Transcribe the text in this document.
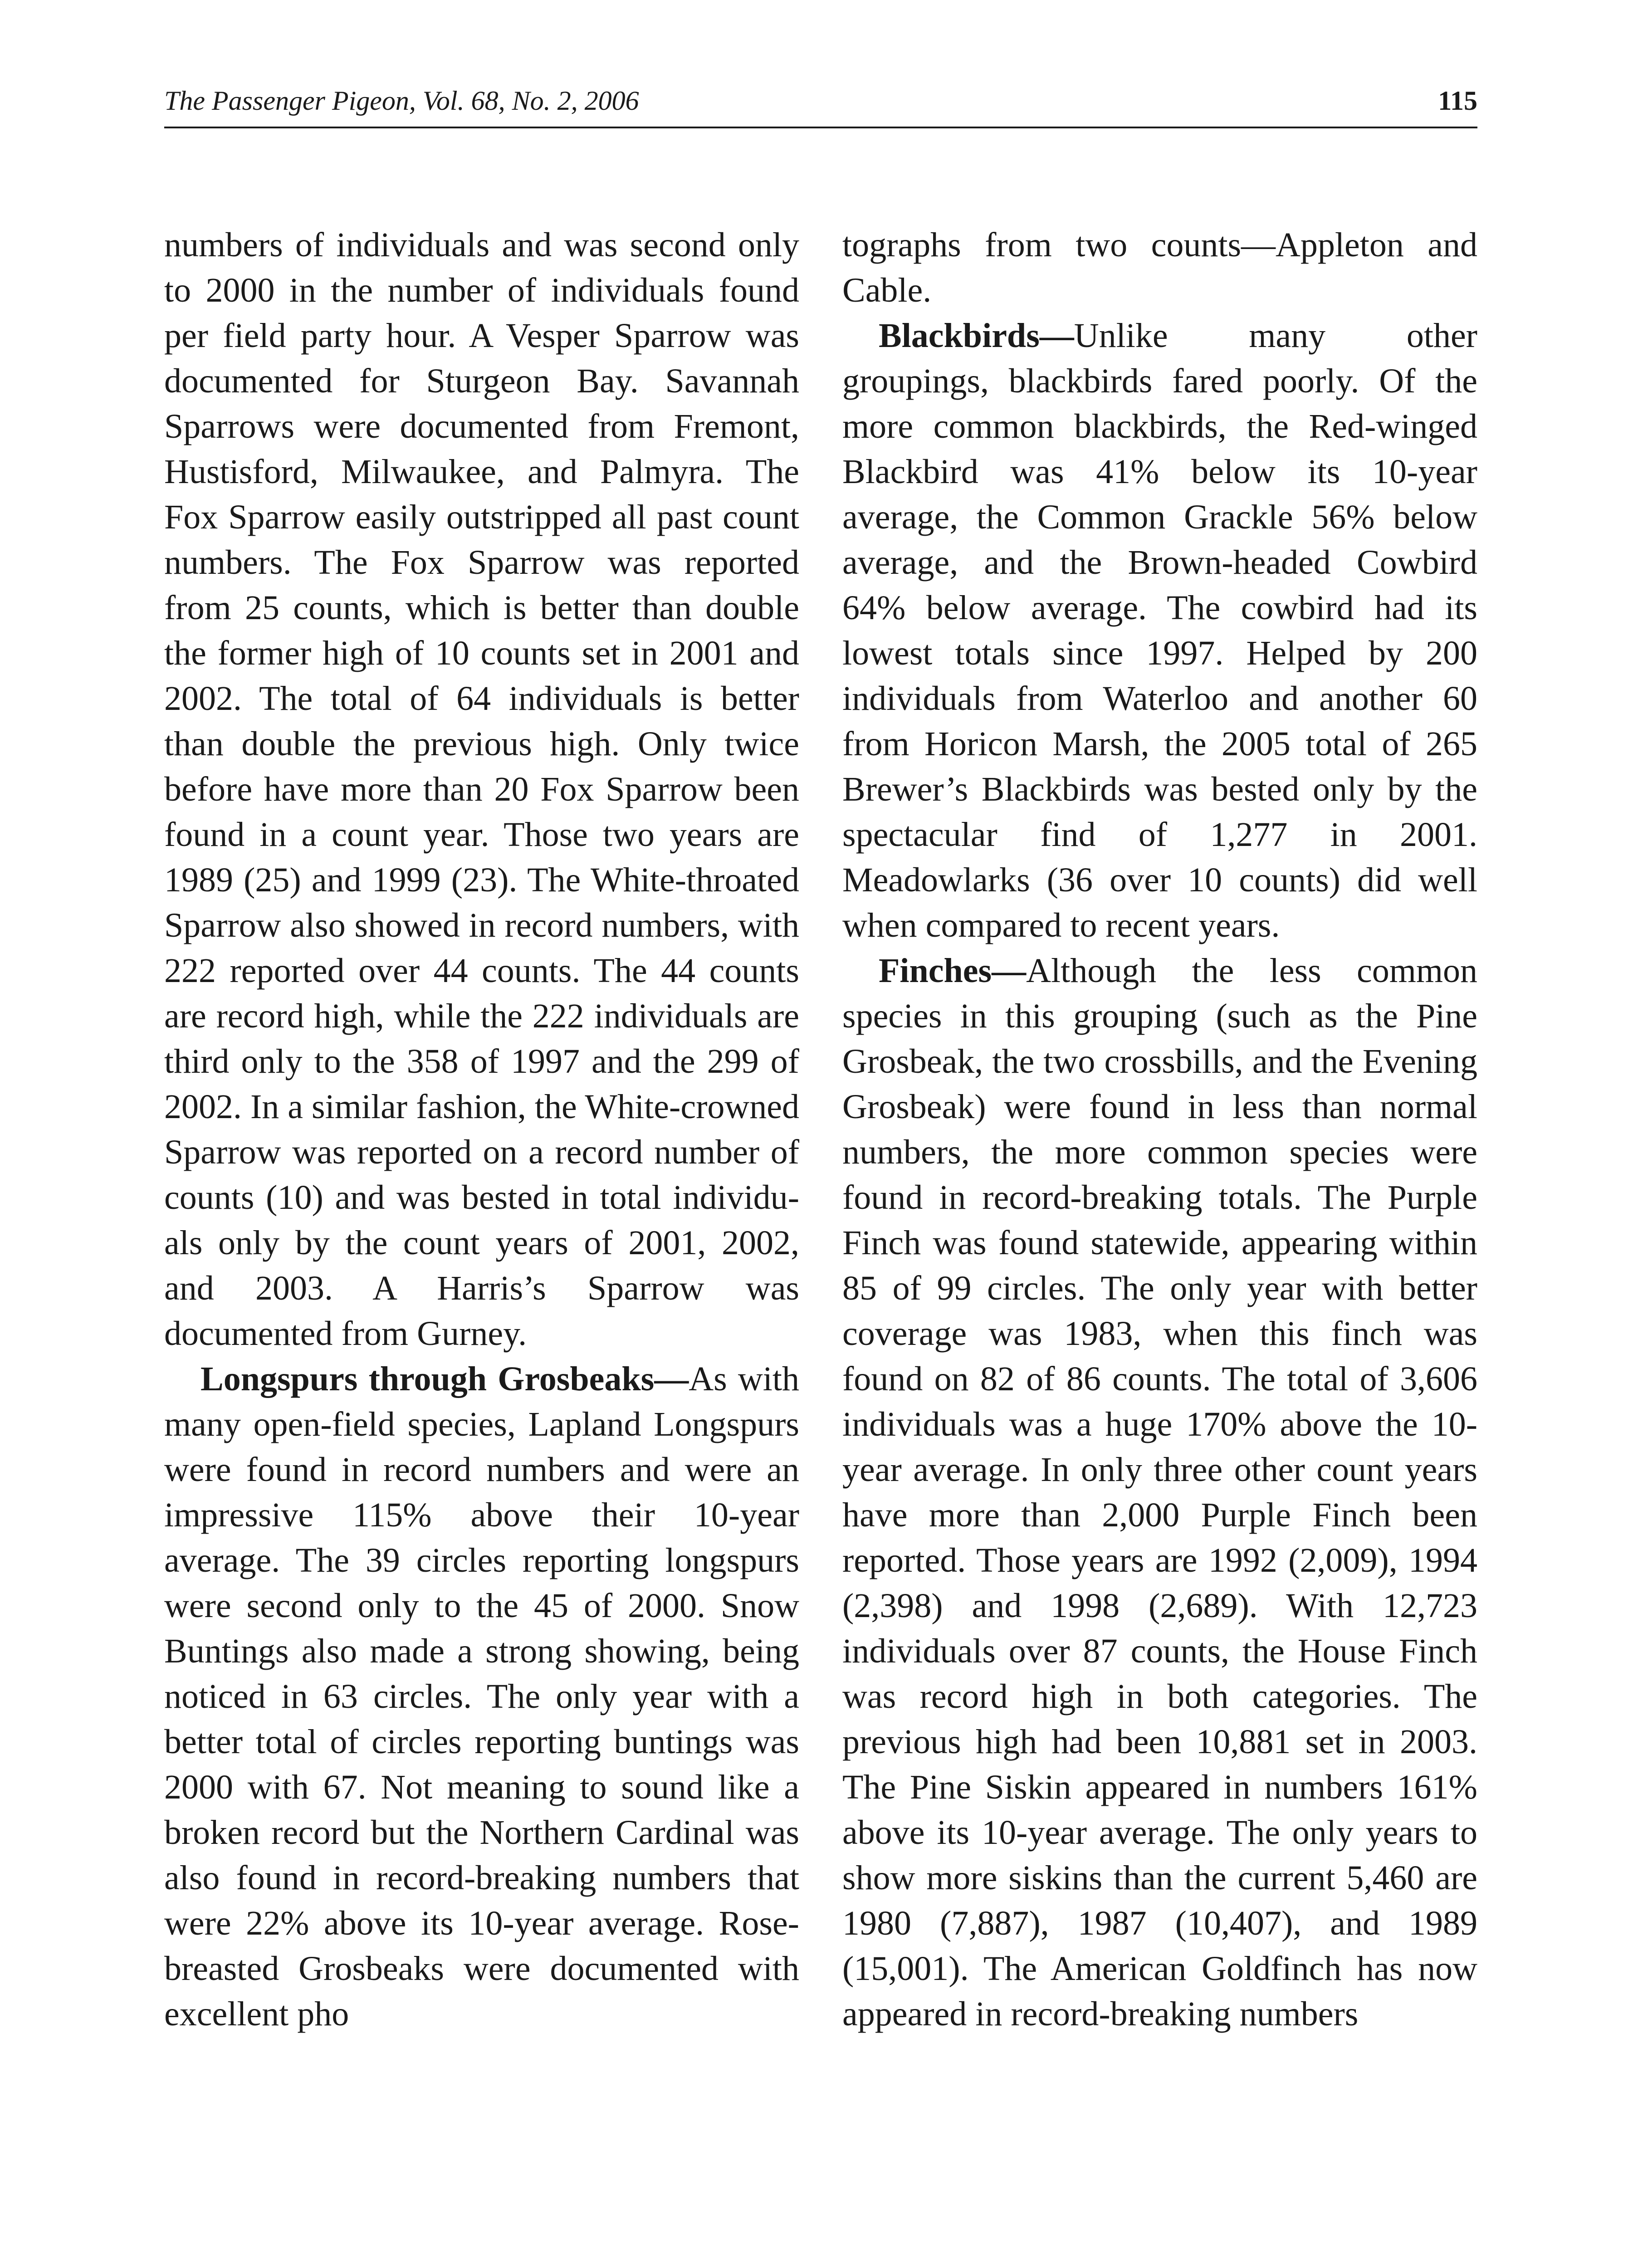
The Passenger Pigeon, Vol. 68, No. 2, 2006	115

numbers of individuals and was second only to 2000 in the number of individuals found per field party hour. A Vesper Sparrow was documented for Sturgeon Bay. Savannah Sparrows were documented from Fremont, Hustisford, Milwaukee, and Palmyra. The Fox Sparrow easily outstripped all past count numbers. The Fox Sparrow was reported from 25 counts, which is better than double the former high of 10 counts set in 2001 and 2002. The total of 64 individuals is better than double the previous high. Only twice before have more than 20 Fox Sparrow been found in a count year. Those two years are 1989 (25) and 1999 (23). The White-throated Sparrow also showed in record numbers, with 222 reported over 44 counts. The 44 counts are record high, while the 222 individuals are third only to the 358 of 1997 and the 299 of 2002. In a similar fashion, the White-crowned Sparrow was reported on a record number of counts (10) and was bested in total individuals only by the count years of 2001, 2002, and 2003. A Harris’s Sparrow was documented from Gurney.

Longspurs through Grosbeaks—As with many open-field species, Lapland Longspurs were found in record numbers and were an impressive 115% above their 10-year average. The 39 circles reporting longspurs were second only to the 45 of 2000. Snow Buntings also made a strong showing, being noticed in 63 circles. The only year with a better total of circles reporting buntings was 2000 with 67. Not meaning to sound like a broken record but the Northern Cardinal was also found in record-breaking numbers that were 22% above its 10-year average. Rose-breasted Grosbeaks were documented with excellent pho

tographs from two counts—Appleton and Cable.

Blackbirds—Unlike many other groupings, blackbirds fared poorly. Of the more common blackbirds, the Red-winged Blackbird was 41% below its 10-year average, the Common Grackle 56% below average, and the Brown-headed Cowbird 64% below average. The cowbird had its lowest totals since 1997. Helped by 200 individuals from Waterloo and another 60 from Horicon Marsh, the 2005 total of 265 Brewer’s Blackbirds was bested only by the spectacular find of 1,277 in 2001. Meadowlarks (36 over 10 counts) did well when compared to recent years.

Finches—Although the less common species in this grouping (such as the Pine Grosbeak, the two crossbills, and the Evening Grosbeak) were found in less than normal numbers, the more common species were found in record-breaking totals. The Purple Finch was found statewide, appearing within 85 of 99 circles. The only year with better coverage was 1983, when this finch was found on 82 of 86 counts. The total of 3,606 individuals was a huge 170% above the 10-year average. In only three other count years have more than 2,000 Purple Finch been reported. Those years are 1992 (2,009), 1994 (2,398) and 1998 (2,689). With 12,723 individuals over 87 counts, the House Finch was record high in both categories. The previous high had been 10,881 set in 2003. The Pine Siskin appeared in numbers 161% above its 10-year average. The only years to show more siskins than the current 5,460 are 1980 (7,887), 1987 (10,407), and 1989 (15,001). The American Goldfinch has now appeared in record-breaking numbers
